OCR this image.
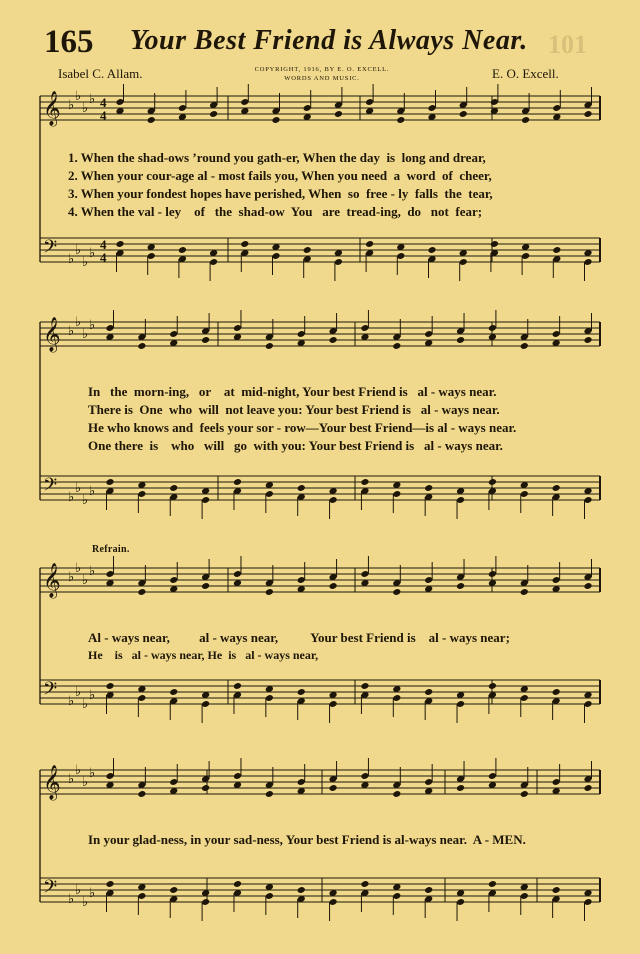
165 Your Best Friend is Always Near. 101
Isabel C. Allam.	COPYRIGHT, 1916, BY E. O. EXCELL.
WORDS AND MUSIC.	E. O. Excell.
𝄞 ♭
♭
♭
♭ 4
4
𝄢 ♭
♭
♭
♭
4
4
𝄞 ♭
♭
♭
♭
𝄢 ♭
♭
♭
♭
𝄞 ♭
♭
♭
♭
𝄢 ♭
♭
♭
♭
𝄞 ♭
♭
♭
♭
𝄢 ♭
♭
♭
♭
1. When the shad-ows ’round you gath-er, When the day  is  long and drear,
2. When your cour-age al - most fails you, When you need  a  word  of  cheer,
3. When your fondest hopes have perished, When  so  free - ly  falls  the  tear,
4. When the val - ley    of   the  shad-ow  You   are  tread-ing,  do   not  fear;
In   the  morn-ing,   or    at  mid-night, Your best Friend is   al - ways near.
There is  One  who  will  not leave you: Your best Friend is   al - ways near.
He who knows and  feels your sor - row—Your best Friend—is al - ways near.
One there  is    who   will   go  with you: Your best Friend is   al - ways near.
Refrain.
Al - ways near,         al - ways near,          Your best Friend is    al - ways near;
He    is   al - ways near, He  is   al - ways near,
In your glad-ness, in your sad-ness, Your best Friend is al-ways near.  A - MEN.
